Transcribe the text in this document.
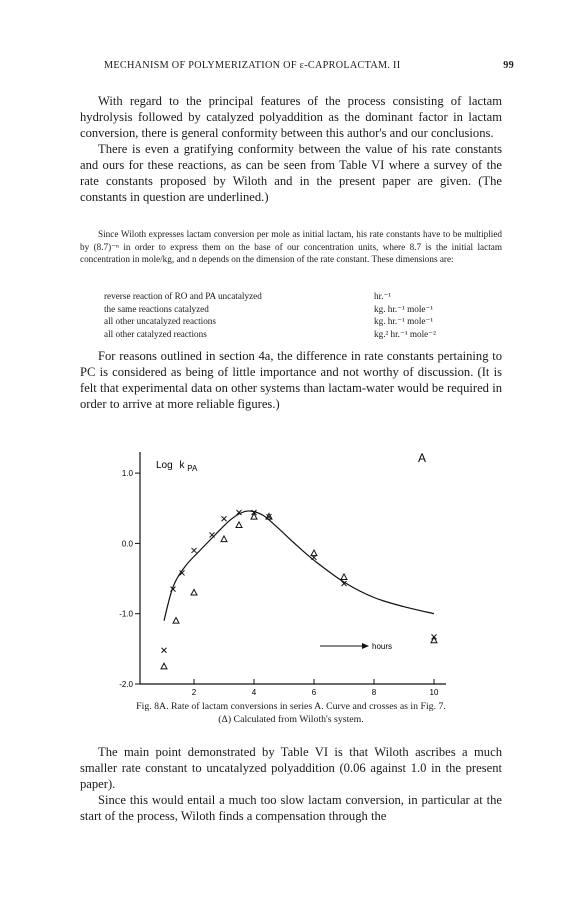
MECHANISM OF POLYMERIZATION OF ε-CAPROLACTAM. II	99

With regard to the principal features of the process consisting of lactam hydrolysis followed by catalyzed polyaddition as the dominant factor in lactam conversion, there is general conformity between this author's and our conclusions.

There is even a gratifying conformity between the value of his rate constants and ours for these reactions, as can be seen from Table VI where a survey of the rate constants proposed by Wiloth and in the present paper are given. (The constants in question are underlined.)

Since Wiloth expresses lactam conversion per mole as initial lactam, his rate constants have to be multiplied by (8.7)⁻ⁿ in order to express them on the base of our concentration units, where 8.7 is the initial lactam concentration in mole/kg, and n depends on the dimension of the rate constant. These dimensions are:

reverse reaction of RO and PA uncatalyzed	hr.⁻¹
the same reactions catalyzed	kg. hr.⁻¹ mole⁻¹
all other uncatalyzed reactions	kg. hr.⁻¹ mole⁻¹
all other catalyzed reactions	kg.² hr.⁻¹ mole⁻²

For reasons outlined in section 4a, the difference in rate constants pertaining to PC is considered as being of little importance and not worthy of discussion. (It is felt that experimental data on other systems than lactam-water would be required in order to arrive at more reliable figures.)

1.0
0.0
-1.0
-2.0
2	4	6	8	10
Log k $_{PA}$
A
hours
Fig. 8A. Rate of lactam conversions in series A. Curve and crosses as in Fig. 7.
(Δ) Calculated from Wiloth's system.

The main point demonstrated by Table VI is that Wiloth ascribes a much smaller rate constant to uncatalyzed polyaddition (0.06 against 1.0 in the present paper).

Since this would entail a much too slow lactam conversion, in particular at the start of the process, Wiloth finds a compensation through the
